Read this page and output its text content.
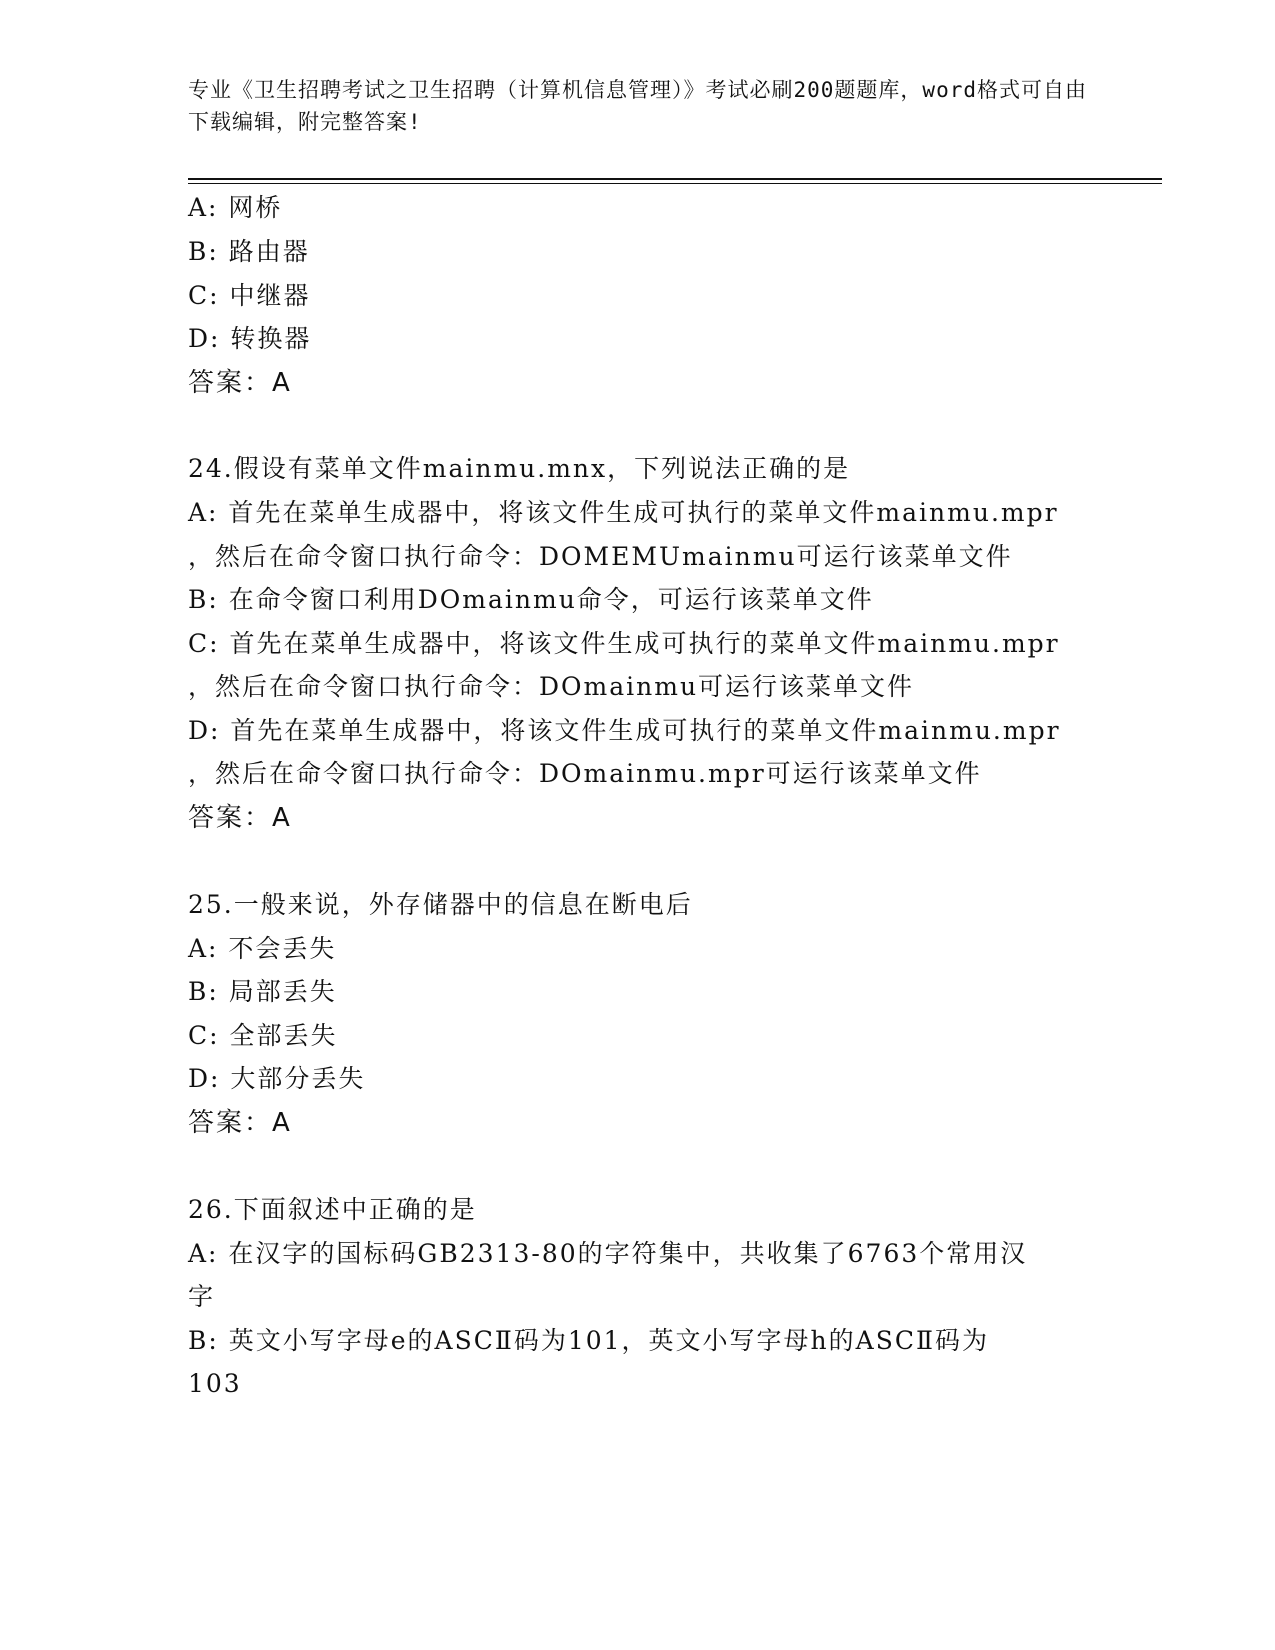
专业《卫生招聘考试之卫生招聘（计算机信息管理）》考试必刷200题题库，word格式可自由下载编辑，附完整答案!
A: 网桥
B: 路由器
C: 中继器
D: 转换器
答案：A
24.假设有菜单文件mainmu.mnx，下列说法正确的是
A: 首先在菜单生成器中，将该文件生成可执行的菜单文件mainmu.mpr
，然后在命令窗口执行命令：DOMEMUmainmu可运行该菜单文件
B: 在命令窗口利用DOmainmu命令，可运行该菜单文件
C: 首先在菜单生成器中，将该文件生成可执行的菜单文件mainmu.mpr
，然后在命令窗口执行命令：DOmainmu可运行该菜单文件
D: 首先在菜单生成器中，将该文件生成可执行的菜单文件mainmu.mpr
，然后在命令窗口执行命令：DOmainmu.mpr可运行该菜单文件
答案：A
25.一般来说，外存储器中的信息在断电后
A: 不会丢失
B: 局部丢失
C: 全部丢失
D: 大部分丢失
答案：A
26.下面叙述中正确的是
A: 在汉字的国标码GB2313-80的字符集中，共收集了6763个常用汉
字
B: 英文小写字母e的ASCⅡ码为101，英文小写字母h的ASCⅡ码为
103
